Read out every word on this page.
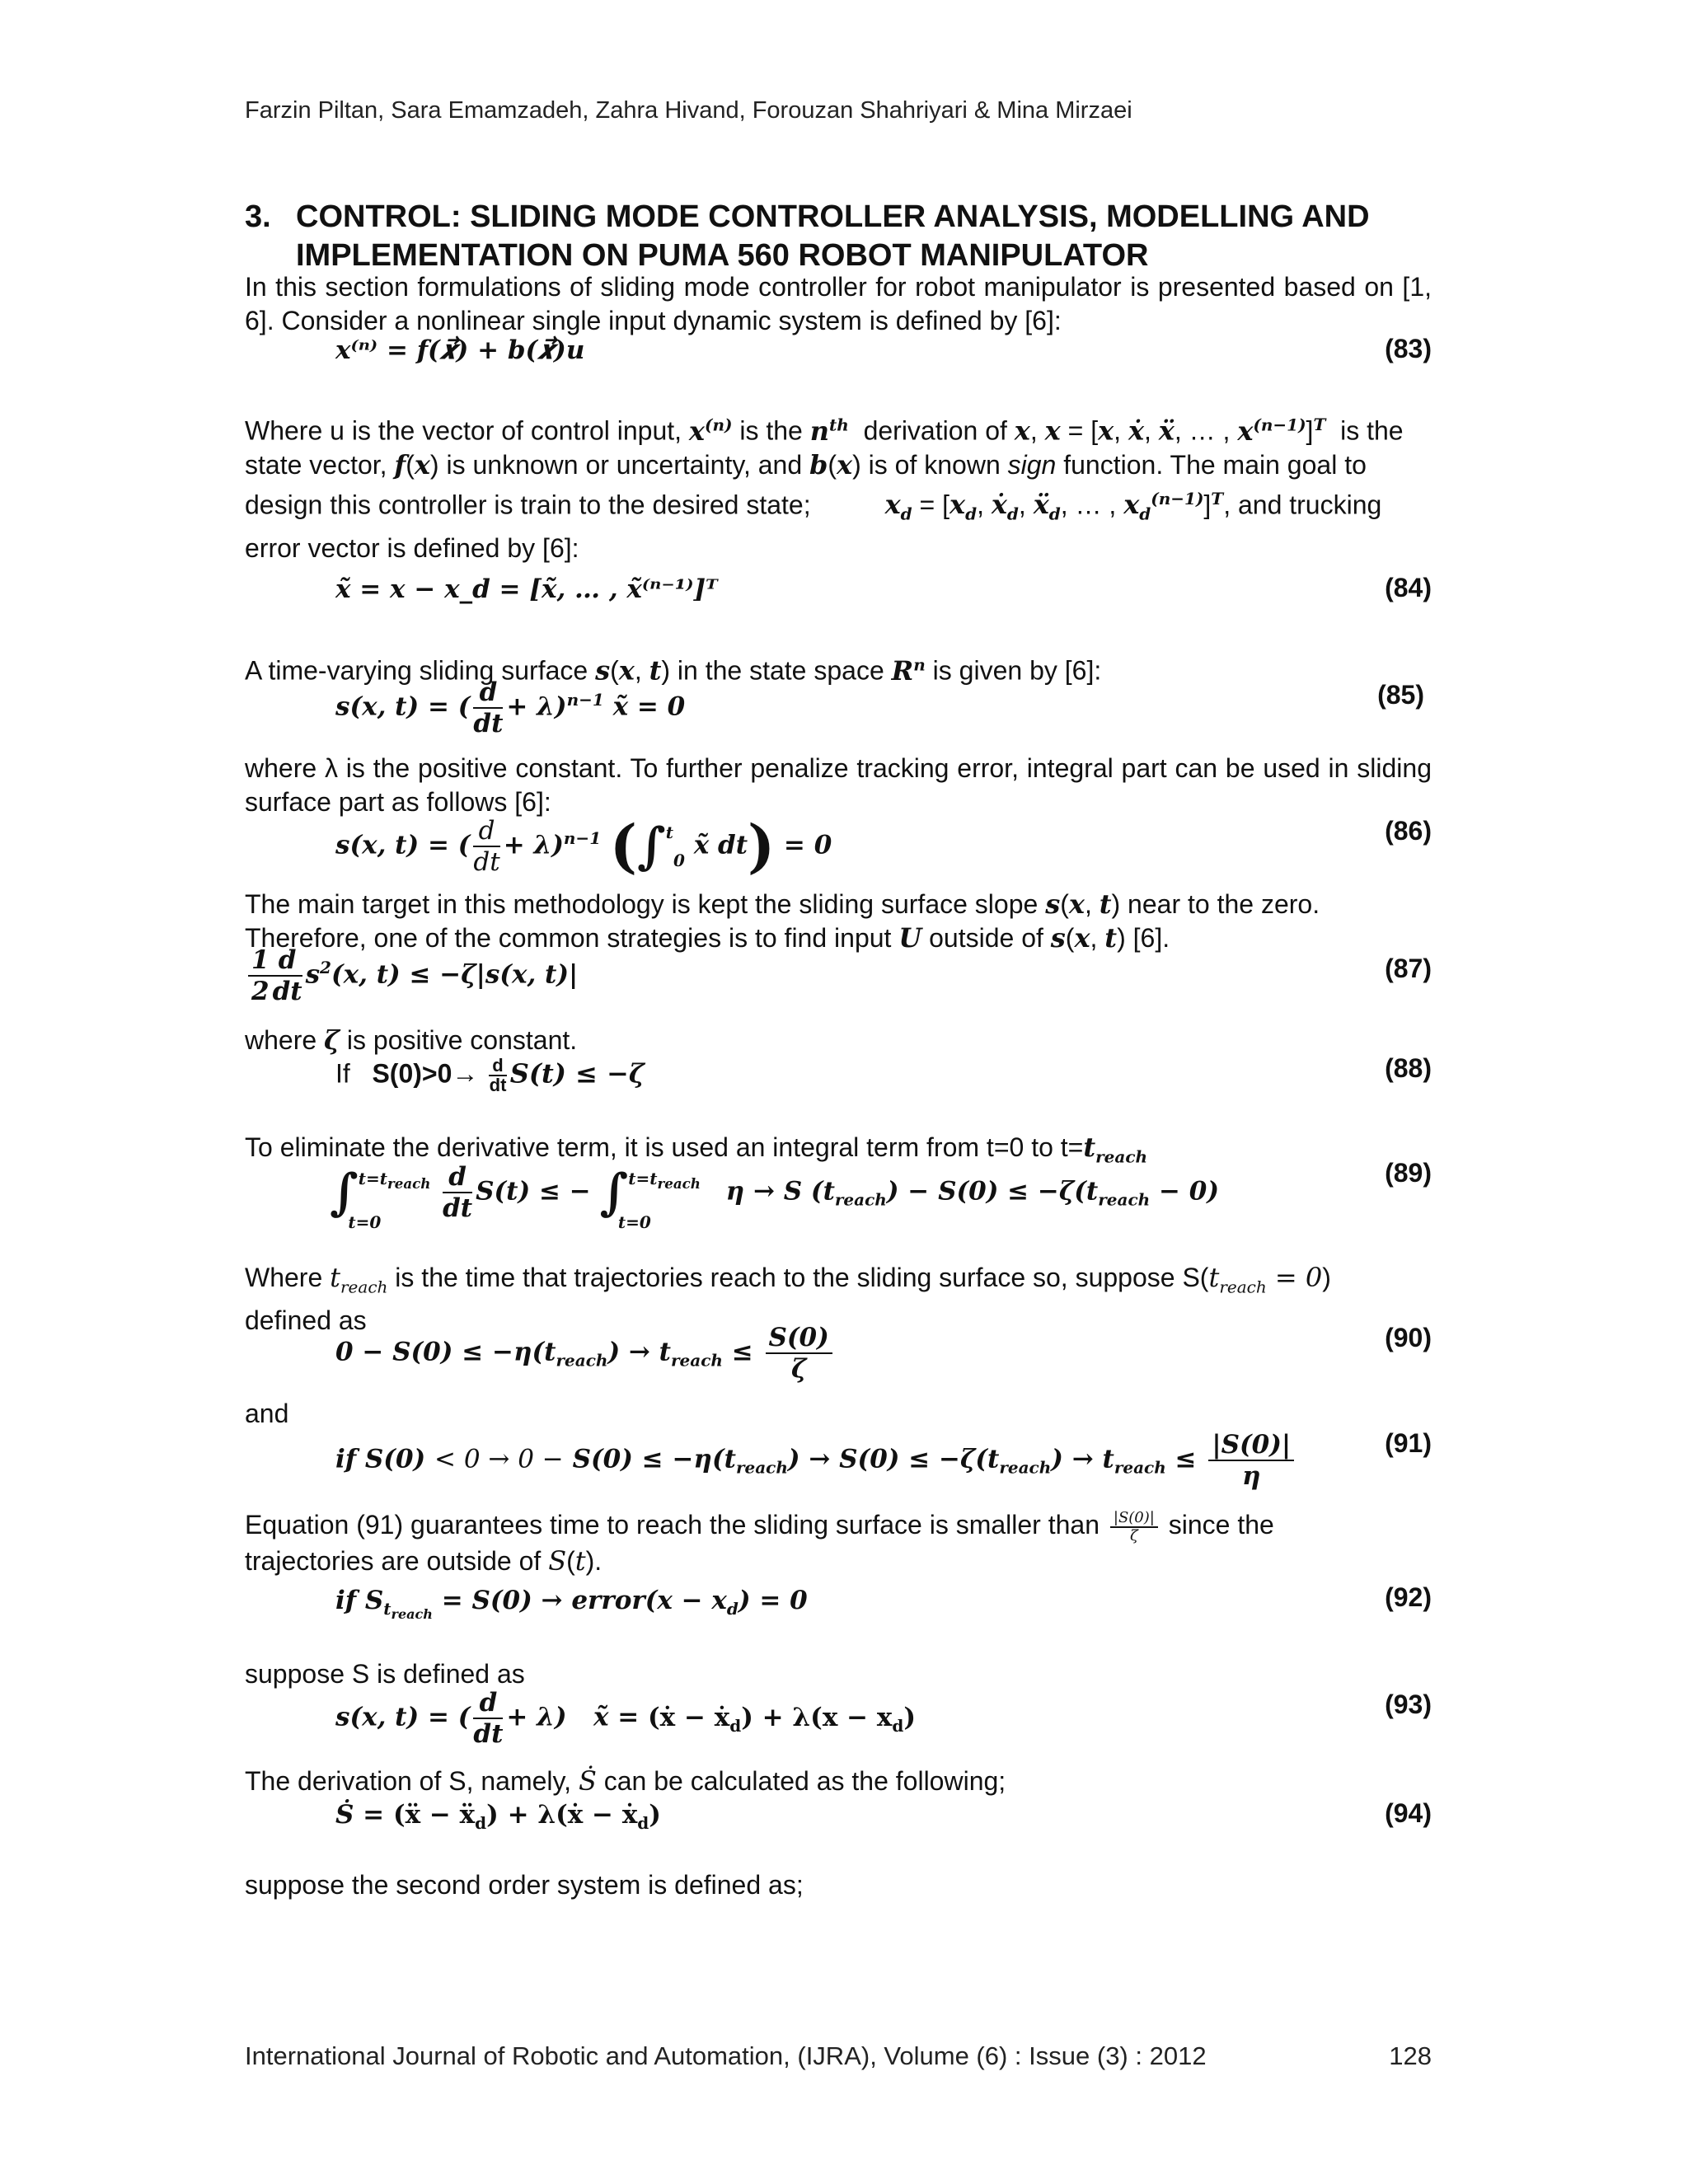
Farzin Piltan, Sara Emamzadeh, Zahra Hivand, Forouzan Shahriyari & Mina Mirzaei
3. CONTROL: SLIDING MODE CONTROLLER ANALYSIS, MODELLING AND IMPLEMENTATION ON PUMA 560 ROBOT MANIPULATOR
In this section formulations of sliding mode controller for robot manipulator is presented based on [1, 6]. Consider a nonlinear single input dynamic system is defined by [6]:
𝒙⁽ⁿ⁾ = 𝒇(𝒙⃗) + 𝒃(𝒙⃗)𝒖	(83)
Where u is the vector of control input, $x^{(n)}$ is the $n^{th}$ derivation of x, x = [x, ẋ, ẍ, … , $x^{(n-1)}]^T$ is the
state vector, f(x) is unknown or uncertainty, and b(x) is of known sign function. The main goal to
design this controller is train to the desired state;	$x_d = [x_d$, ẋ$_d$, ẍ$_d$, … , $x_d^{(n-1)}]^T$, and trucking
error vector is defined by [6]:
𝒙̃ = 𝒙 − 𝒙_𝒅 = [𝒙̃, … , 𝒙̃⁽ⁿ⁻¹⁾]ᵀ	(84)
A time-varying sliding surface s(x, t) in the state space $R^n$ is given by [6]:
s(x, t) = ( $\frac{d}{dt} + \lambda)^{n-1}$ x̃ = 0	(85)
where λ is the positive constant. To further penalize tracking error, integral part can be used in sliding surface part as follows [6]:
s(x, t) = ( $\frac{d}{dt} + \lambda)^{n-1}$ (∫$^t$0 x̃ dt) = 0	(86)
The main target in this methodology is kept the sliding surface slope s(x, t) near to the zero.
Therefore, one of the common strategies is to find input U outside of s(x, t) [6].
$\frac{1}{2} \frac{d}{dt} s^2(x$, t) ≤ −ζ|s(x, t)|	(87)
where ζ is positive constant.
If $S(0)>0\to \frac{d}{dt} S(t) \le -\zeta$	(88)
To eliminate the derivative term, it is used an integral term from t=0 to $t=t_{reach}$
$\int^{t=t_{reach}}_{t=0} \frac{d}{dt} S(t)$ ≤ − ∫$^{t=t_{reach}}_{t=0}$ η → S $(t_{reach}) - S(0) \le -\zeta(t_{reach} - 0)$
(89)
Where $t_{reach}$ is the time that trajectories reach to the sliding surface so, suppose $S(t_{reach} = 0)$
defined as
$0 - S(0) \le -\eta(t_{reach}) \to t_{reach} \le \frac{S(0)}{\zeta}$	(90)
and
if $S(0) < 0 \to 0 - S(0) \le -\eta(t_{reach}) \to S(0) \le -\zeta(t_{reach}) \to t_{reach} \le \frac{|S(0)|}{\eta}$	(91)
Equation (91) guarantees time to reach the sliding surface is smaller than $\frac{|S(0)|}{\zeta}$ since the
trajectories are outside of S(t).
if $S_{t_{reach}} = S(0)$ → error(x − $x_d) = 0$	(92)
suppose S is defined as
s(x, t) = ( $\frac{d}{dt} + \lambda$)   x̃ = (ẋ − ẋ$_d$) + $\lambda(x - x_d)$	(93)
The derivation of S, namely, Ṡ can be calculated as the following;
Ṡ = (ẍ − ẍ$_d$) + λ(ẋ − ẋ$_d$)	(94)
suppose the second order system is defined as;
International Journal of Robotic and Automation, (IJRA), Volume (6) : Issue (3) : 2012	128
